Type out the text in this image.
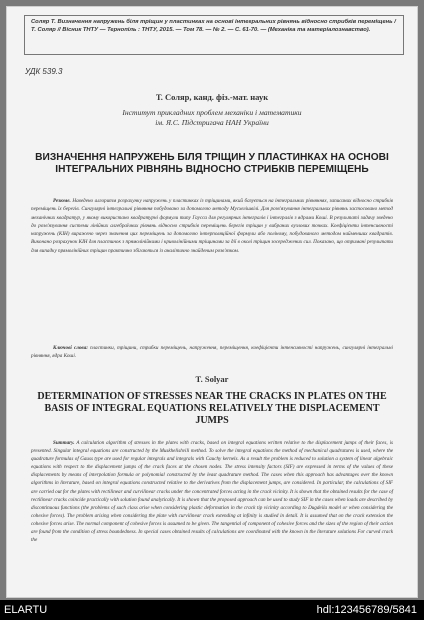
Соляр Т. Визначення напружень біля тріщин у пластинках на основі інтегральних рівнянь відносно стрибків переміщень / Т. Соляр // Вісник ТНТУ — Тернопіль : ТНТУ, 2015. — Том 78. — № 2. — С. 61-70. — (Механіка та матеріалознавство).
УДК 539.3
Т. Соляр, канд. фіз.-мат. наук
Інститут прикладних проблем механіки і математики
ім. Я.С. Підстригача НАН України
ВИЗНАЧЕННЯ НАПРУЖЕНЬ БІЛЯ ТРІЩИН У ПЛАСТИНКАХ НА ОСНОВІ ІНТЕГРАЛЬНИХ РІВНЯНЬ ВІДНОСНО СТРИБКІВ ПЕРЕМІЩЕНЬ
Резюме. Наведено алгоритм розрахунку напружень у пластинках із тріщинами, який базується на інтегральних рівняннях, записаних відносно стрибків переміщень їх берегів. Сингулярні інтегральні рівняння побудовано за допомогою методу Мусхелішвілі. Для розв'язування інтегральних рівнянь застосовано метод механічних квадратур, у якому використано квадратурні формули типу Гаусса для регулярних інтегралів і інтегралів з ядрами Коші. В результаті задачу зведено до розв'язування системи лінійних алгебраїчних рівнянь відносно стрибків переміщень берегів тріщин у вибраних вузлових точках. Коефіцієнти інтенсивності напружень (КІН) виражено через значення цих переміщень за допомогою інтерполяційної формули або поліному, побудованого методом найменших квадратів. Виконано розрахунок КІН для пластинок з прямолінійними і криволінійними тріщинами за дії в околі тріщин зосереджених сил. Показано, що отримані результати для випадку прямолінійних тріщин практично збігаються із аналітично знайденим розв'язком.
Ключові слова: пластинки, тріщини, стрибки переміщень, напруження, переміщення, коефіцієнти інтенсивності напружень, сингулярні інтегральні рівняння, ядра Коші.
T. Solyar
DETERMINATION OF STRESSES NEAR THE CRACKS IN PLATES ON THE BASIS OF INTEGRAL EQUATIONS RELATIVELY THE DISPLACEMENT JUMPS
Summary. A calculation algorithm of stresses in the plates with cracks, based on integral equations written relative to the displacement jumps of their faces, is presented. Singular integral equations are constructed by the Muskhelishvili method. To solve the integral equations the method of mechanical quadratures is used, where the quadrature formulas of Gauss type are used for regular integrals and integrals with Cauchy kernels. As a result the problem is reduced to solution a system of linear algebraic equations with respect to the displacement jumps of the crack faces at the chosen nodes. The stress intensity factors (SIF) are expressed in terms of the values of these displacements by means of interpolation formula or polynomial constructed by the least quadrature method. The cases when this approach has advantages over the known algorithms in literature, based on integral equations constructed relative to the derivatives from the displacement jumps, are considered. In particular, the calculations of SIF are carried out for the plates with rectilinear and curvilinear cracks under the concentrated forces acting in the crack vicinity. It is shown that the obtained results for the case of rectilinear cracks coincide practically with solution found analytically. It is shown that the proposed approach can be used to study SIF in the cases when loads are described by discontinuous functions (the problems of such class arise when considering plastic deformation in the crack tip vicinity according to Dugdeila model or when considering the cohesive forces). The problem arising when considering the plate with curvilinear crack extending at infinity is studied in detail. It is assumed that on the crack extension the cohesive forces arise. The normal component of cohesive forces is assumed to be given. The tangential of component of cohesive forces and the sizes of the region of their action are found from the condition of stress boundedness. In special cases obtained results of calculations are coordinated with the known in the literature solutions For curved crack the
ELARTU	hdl:123456789/5841
